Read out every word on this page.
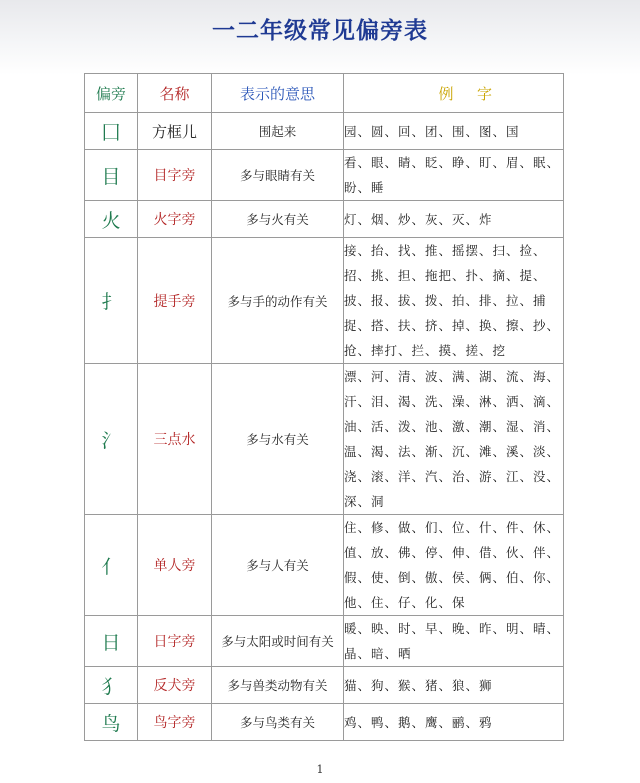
一二年级常见偏旁表
偏旁	名称	表示的意思	例 字
囗	方框儿	围起来	园、圆、回、团、围、图、国
目	目字旁	多与眼睛有关	看、眼、睛、眨、睁、盯、眉、眠、盼、睡
火	火字旁	多与火有关	灯、烟、炒、灰、灭、炸
扌	提手旁	多与手的动作有关	接、抬、找、推、摇摆、扫、捡、招、挑、担、拖把、扑、摘、提、披、报、拔、拨、拍、排、拉、捕捉、搭、扶、挤、掉、换、擦、抄、抢、摔打、拦、摸、搓、挖
氵	三点水	多与水有关	漂、河、清、波、满、湖、流、海、汗、泪、渴、洗、澡、淋、洒、滴、油、活、泼、池、激、潮、湿、消、温、渴、法、渐、沉、滩、溪、淡、浇、滚、洋、汽、治、游、江、没、深、洞
亻	单人旁	多与人有关	住、修、做、们、位、什、件、休、值、放、佛、停、伸、借、伙、伴、假、使、倒、傲、侯、俩、伯、你、他、住、仔、化、保
日	日字旁	多与太阳或时间有关	暖、映、时、早、晚、昨、明、晴、晶、暗、晒
犭	反犬旁	多与兽类动物有关	猫、狗、猴、猪、狼、狮
鸟	鸟字旁	多与鸟类有关	鸡、鸭、鹅、鹰、鹂、鸦
1
